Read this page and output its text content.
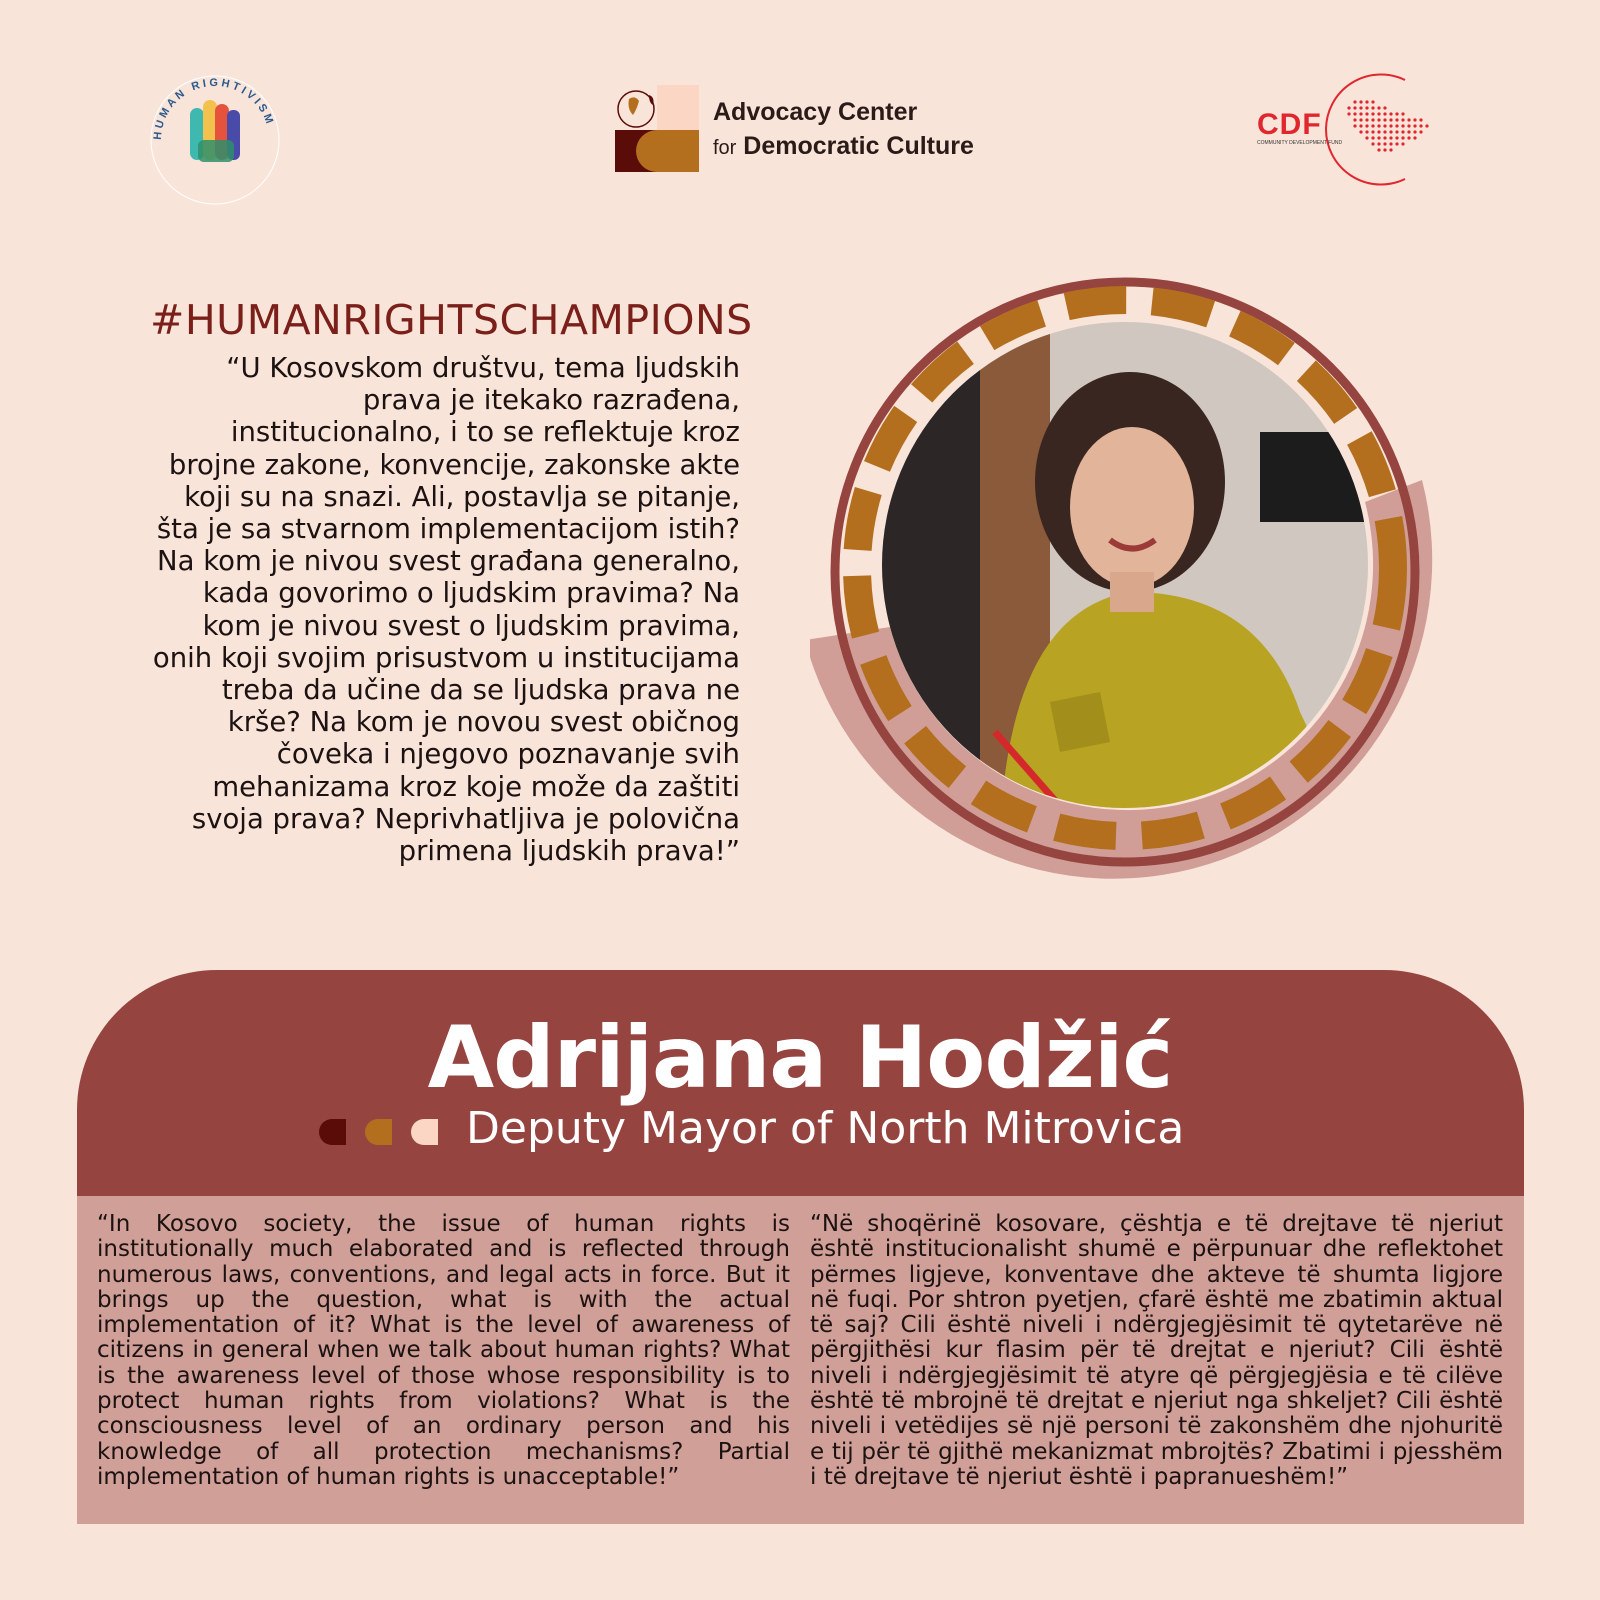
HUMAN RIGHTIVISM	Advocacy Center
for Democratic Culture
CDF
COMMUNITY DEVELOPMENT FUND
#HUMANRIGHTSCHAMPIONS

“U Kosovskom društvu, tema ljudskih prava je itekako razrađena, institucionalno, i to se reflektuje kroz brojne zakone, konvencije, zakonske akte koji su na snazi. Ali, postavlja se pitanje, šta je sa stvarnom implementacijom istih? Na kom je nivou svest građana generalno, kada govorimo o ljudskim pravima? Na kom je nivou svest o ljudskim pravima, onih koji svojim prisustvom u institucijama treba da učine da se ljudska prava ne krše? Na kom je novou svest običnog čoveka i njegovo poznavanje svih mehanizama kroz koje može da zaštiti svoja prava? Neprivhatljiva je polovična primena ljudskih prava!”

Adrijana Hodžić
Deputy Mayor of North Mitrovica

“In Kosovo society, the issue of human rights is institutionally much elaborated and is reflected through numerous laws, conventions, and legal acts in force. But it brings up the question, what is with the actual implementation of it? What is the level of awareness of citizens in general when we talk about human rights? What is the awareness level of those whose responsibility is to protect human rights from violations? What is the consciousness level of an ordinary person and his knowledge of all protection mechanisms? Partial implementation of human rights is unacceptable!”

“Në shoqërinë kosovare, çështja e të drejtave të njeriut është institucionalisht shumë e përpunuar dhe reflektohet përmes ligjeve, konventave dhe akteve të shumta ligjore në fuqi. Por shtron pyetjen, çfarë është me zbatimin aktual të saj? Cili është niveli i ndërgjegjësimit të qytetarëve në përgjithësi kur flasim për të drejtat e njeriut? Cili është niveli i ndërgjegjësimit të atyre që përgjegjësia e të cilëve është të mbrojnë të drejtat e njeriut nga shkeljet? Cili është niveli i vetëdijes së një personi të zakonshëm dhe njohuritë e tij për të gjithë mekanizmat mbrojtës? Zbatimi i pjesshëm i të drejtave të njeriut është i papranueshëm!”
